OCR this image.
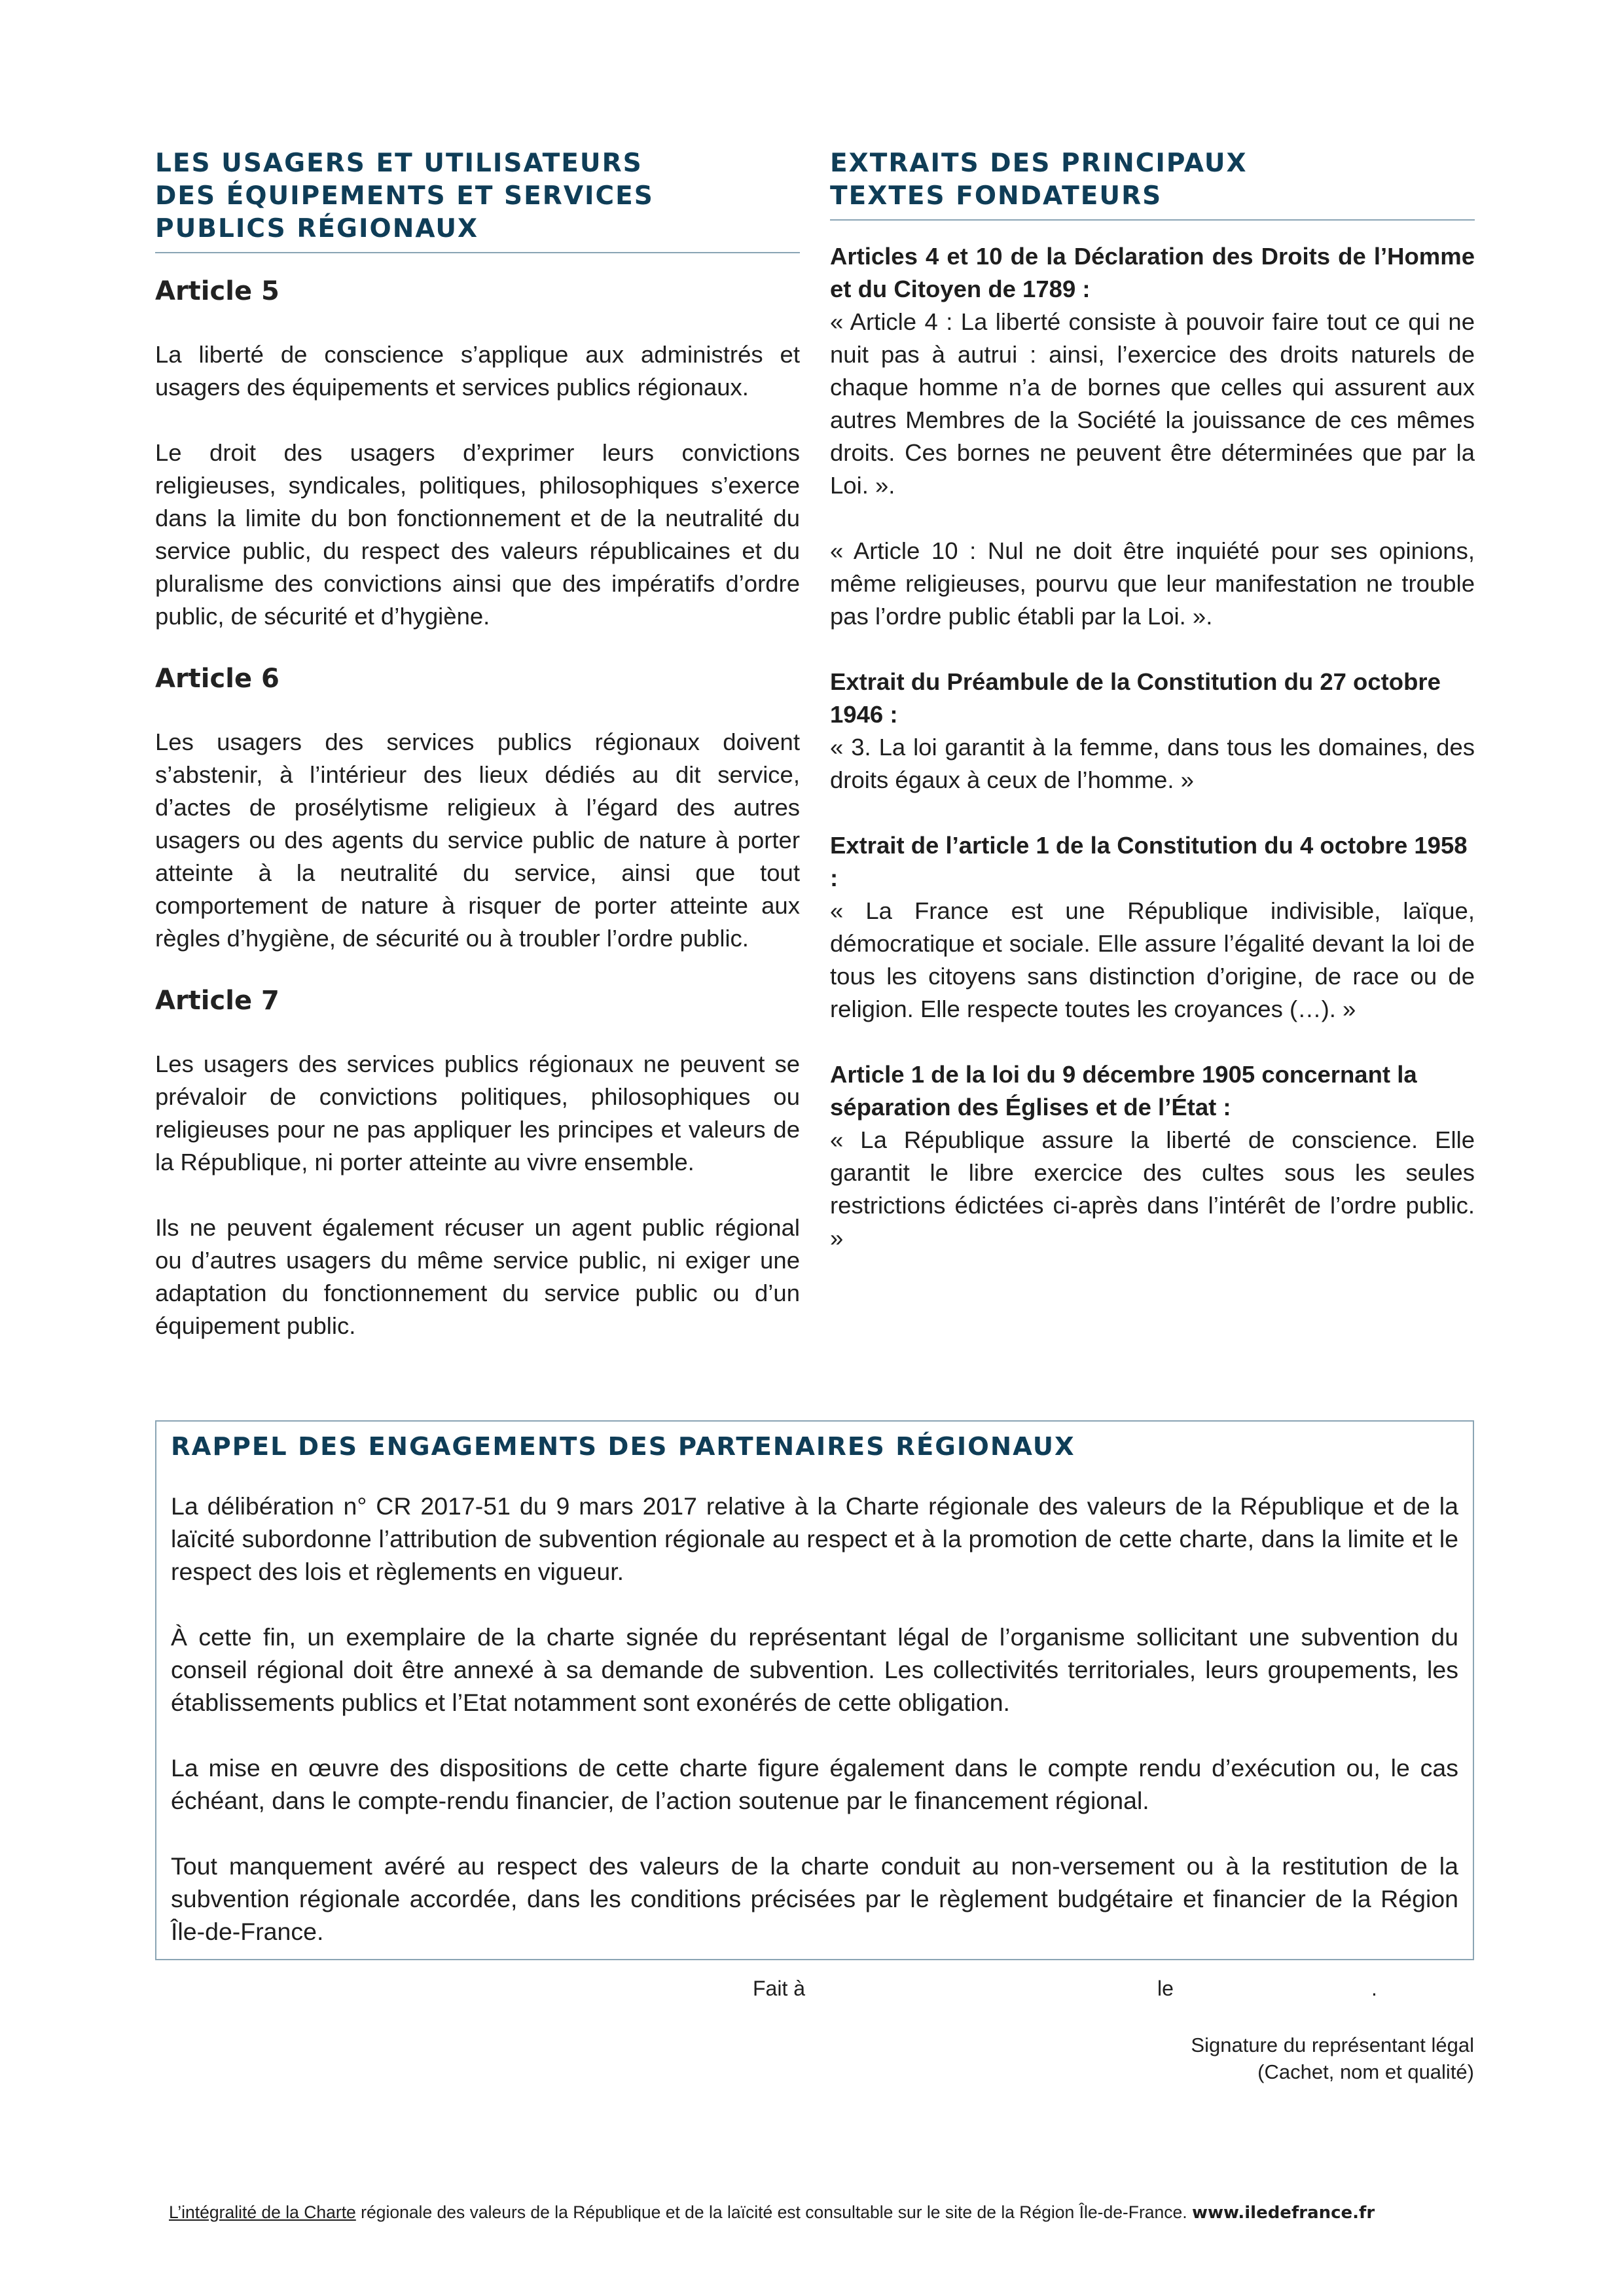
LES USAGERS ET UTILISATEURS
DES ÉQUIPEMENTS ET SERVICES
PUBLICS RÉGIONAUX
Article 5

La liberté de conscience s’applique aux administrés et usagers des équipements et services publics régionaux.

Le droit des usagers d’exprimer leurs convictions religieuses, syndicales, politiques, philosophiques s’exerce dans la limite du bon fonctionnement et de la neutralité du service public, du respect des valeurs républicaines et du pluralisme des convictions ainsi que des impératifs d’ordre public, de sécurité et d’hygiène.

Article 6

Les usagers des services publics régionaux doivent s’abstenir, à l’intérieur des lieux dédiés au dit service, d’actes de prosélytisme religieux à l’égard des autres usagers ou des agents du service public de nature à porter atteinte à la neutralité du service, ainsi que tout comportement de nature à risquer de porter atteinte aux règles d’hygiène, de sécurité ou à troubler l’ordre public.

Article 7

Les usagers des services publics régionaux ne peuvent se prévaloir de convictions politiques, philosophiques ou religieuses pour ne pas appliquer les principes et valeurs de la République, ni porter atteinte au vivre ensemble.

Ils ne peuvent également récuser un agent public régional ou d’autres usagers du même service public, ni exiger une adaptation du fonctionnement du service public ou d’un équipement public.

EXTRAITS DES PRINCIPAUX
TEXTES FONDATEURS

Articles 4 et 10 de la Déclaration des Droits de l’Homme et du Citoyen de 1789 :

« Article 4 : La liberté consiste à pouvoir faire tout ce qui ne nuit pas à autrui : ainsi, l’exercice des droits naturels de chaque homme n’a de bornes que celles qui assurent aux autres Membres de la Société la jouissance de ces mêmes droits. Ces bornes ne peuvent être déterminées que par la Loi. ».

« Article 10 : Nul ne doit être inquiété pour ses opinions, même religieuses, pourvu que leur manifestation ne trouble pas l’ordre public établi par la Loi. ».

Extrait du Préambule de la Constitution du 27 octobre 1946 :

« 3. La loi garantit à la femme, dans tous les domaines, des droits égaux à ceux de l’homme. »

Extrait de l’article 1 de la Constitution du 4 octobre 1958 :

« La France est une République indivisible, laïque, démocratique et sociale. Elle assure l’égalité devant la loi de tous les citoyens sans distinction d’origine, de race ou de religion. Elle respecte toutes les croyances (…). »

Article 1 de la loi du 9 décembre 1905 concernant la séparation des Églises et de l’État :

« La République assure la liberté de conscience. Elle garantit le libre exercice des cultes sous les seules restrictions édictées ci-après dans l’intérêt de l’ordre public. »

RAPPEL DES ENGAGEMENTS DES PARTENAIRES RÉGIONAUX

La délibération n° CR 2017-51 du 9 mars 2017 relative à la Charte régionale des valeurs de la République et de la laïcité subordonne l’attribution de subvention régionale au respect et à la promotion de cette charte, dans la limite et le respect des lois et règlements en vigueur.

À cette fin, un exemplaire de la charte signée du représentant légal de l’organisme sollicitant une subvention du conseil régional doit être annexé à sa demande de subvention. Les collectivités territoriales, leurs groupements, les établissements publics et l’Etat notamment sont exonérés de cette obligation.

La mise en œuvre des dispositions de cette charte figure également dans le compte rendu d’exécution ou, le cas échéant, dans le compte-rendu financier, de l’action soutenue par le financement régional.

Tout manquement avéré au respect des valeurs de la charte conduit au non-versement ou à la restitution de la subvention régionale accordée, dans les conditions précisées par le règlement budgétaire et financier de la Région Île-de-France.

Fait à	le	.
Signature du représentant légal
(Cachet, nom et qualité)
L’intégralité de la Charte régionale des valeurs de la République et de la laïcité est consultable sur le site de la Région Île-de-France. www.iledefrance.fr
